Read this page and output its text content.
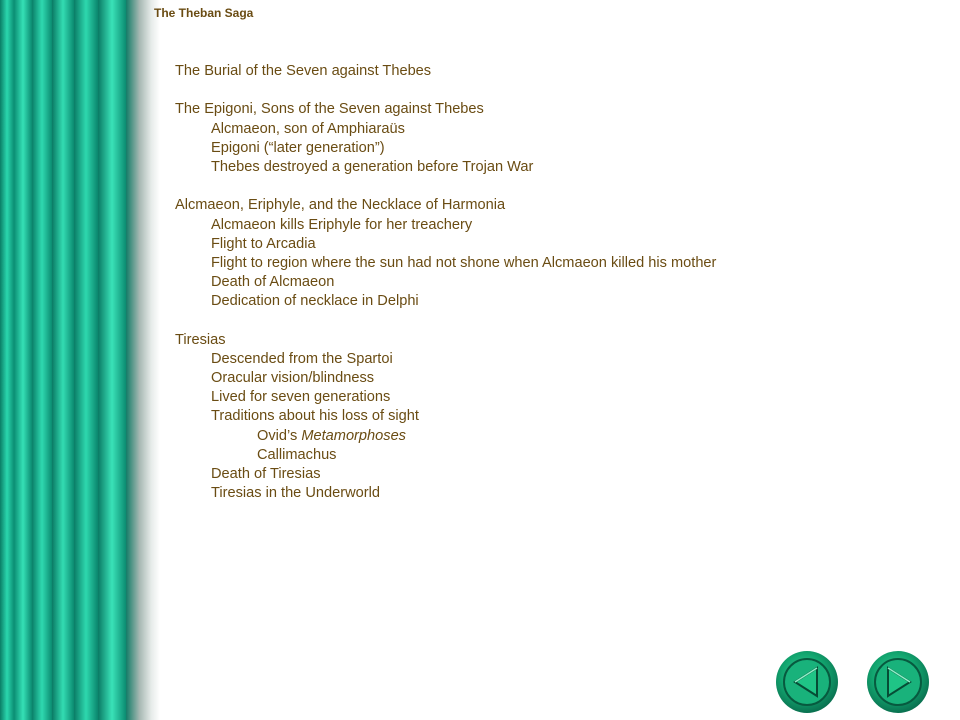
The Theban Saga
The Burial of the Seven against Thebes
The Epigoni, Sons of the Seven against Thebes
Alcmaeon, son of Amphiaraüs
Epigoni (“later generation”)
Thebes destroyed a generation before Trojan War
Alcmaeon, Eriphyle, and the Necklace of Harmonia
Alcmaeon kills Eriphyle for her treachery
Flight to Arcadia
Flight to region where the sun had not shone when Alcmaeon killed his mother
Death of Alcmaeon
Dedication of necklace in Delphi
Tiresias
Descended from the Spartoi
Oracular vision/blindness
Lived for seven generations
Traditions about his loss of sight
Ovid’s Metamorphoses
Callimachus
Death of Tiresias
Tiresias in the Underworld
